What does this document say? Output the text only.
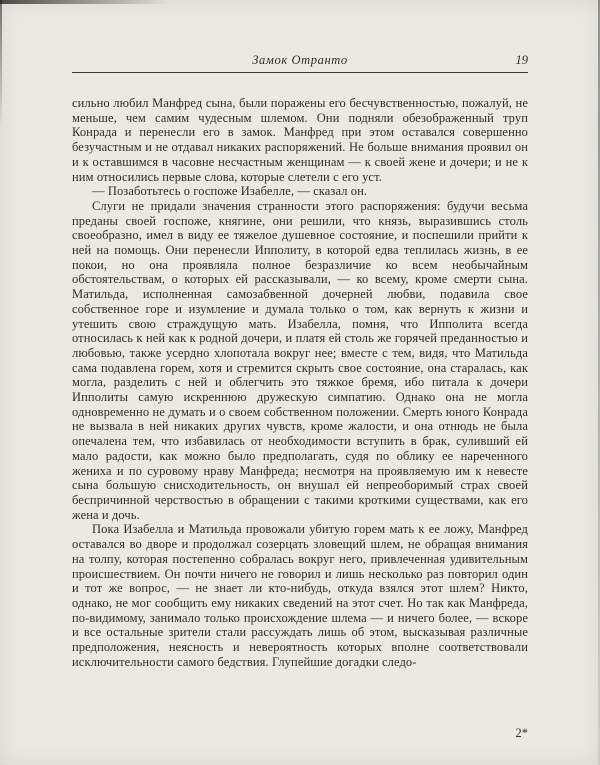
Замок Отранто	19

сильно любил Манфред сына, были поражены его бесчувственностью, пожалуй, не меньше, чем самим чудесным шлемом. Они подняли обезображенный труп Конрада и перенесли его в замок. Манфред при этом оставался совершенно безучастным и не отдавал никаких распоряжений. Не больше внимания проявил он и к оставшимся в часовне несчастным женщинам — к своей жене и дочери; и не к ним относились первые слова, которые слетели с его уст.

— Позаботьтесь о госпоже Изабелле, — сказал он.

Слуги не придали значения странности этого распоряжения: будучи весьма преданы своей госпоже, княгине, они решили, что князь, выразившись столь своеобразно, имел в виду ее тяжелое душевное состояние, и поспешили прийти к ней на помощь. Они перенесли Ипполиту, в которой едва теплилась жизнь, в ее покои, но она проявляла полное безразличие ко всем необычайным обстоятельствам, о которых ей рассказывали, — ко всему, кроме смерти сына. Матильда, исполненная самозабвенной дочерней любви, подавила свое собственное горе и изумление и думала только о том, как вернуть к жизни и утешить свою страждущую мать. Изабелла, помня, что Ипполита всегда относилась к ней как к родной дочери, и платя ей столь же горячей преданностью и любовью, также усердно хлопотала вокруг нее; вместе с тем, видя, что Матильда сама подавлена горем, хотя и стремится скрыть свое состояние, она старалась, как могла, разделить с ней и облегчить это тяжкое бремя, ибо питала к дочери Ипполиты самую искреннюю дружескую симпатию. Однако она не могла одновременно не думать и о своем собственном положении. Смерть юного Конрада не вызвала в ней никаких других чувств, кроме жалости, и она отнюдь не была опечалена тем, что избавилась от необходимости вступить в брак, суливший ей мало радости, как можно было предполагать, судя по облику ее нареченного жениха и по суровому нраву Манфреда; несмотря на проявляемую им к невесте сына большую снисходительность, он внушал ей непреоборимый страх своей беспричинной черствостью в обращении с такими кроткими существами, как его жена и дочь.

Пока Изабелла и Матильда провожали убитую горем мать к ее ложу, Манфред оставался во дворе и продолжал созерцать зловещий шлем, не обращая внимания на толпу, которая постепенно собралась вокруг него, привлеченная удивительным происшествием. Он почти ничего не говорил и лишь несколько раз повторил один и тот же вопрос, — не знает ли кто-нибудь, откуда взялся этот шлем? Никто, однако, не мог сообщить ему никаких сведений на этот счет. Но так как Манфреда, по-видимому, занимало только происхождение шлема — и ничего более, — вскоре и все остальные зрители стали рассуждать лишь об этом, высказывая различные предположения, неясность и невероятность которых вполне соответствовали исключительности самого бедствия. Глупейшие догадки следо-

2*
